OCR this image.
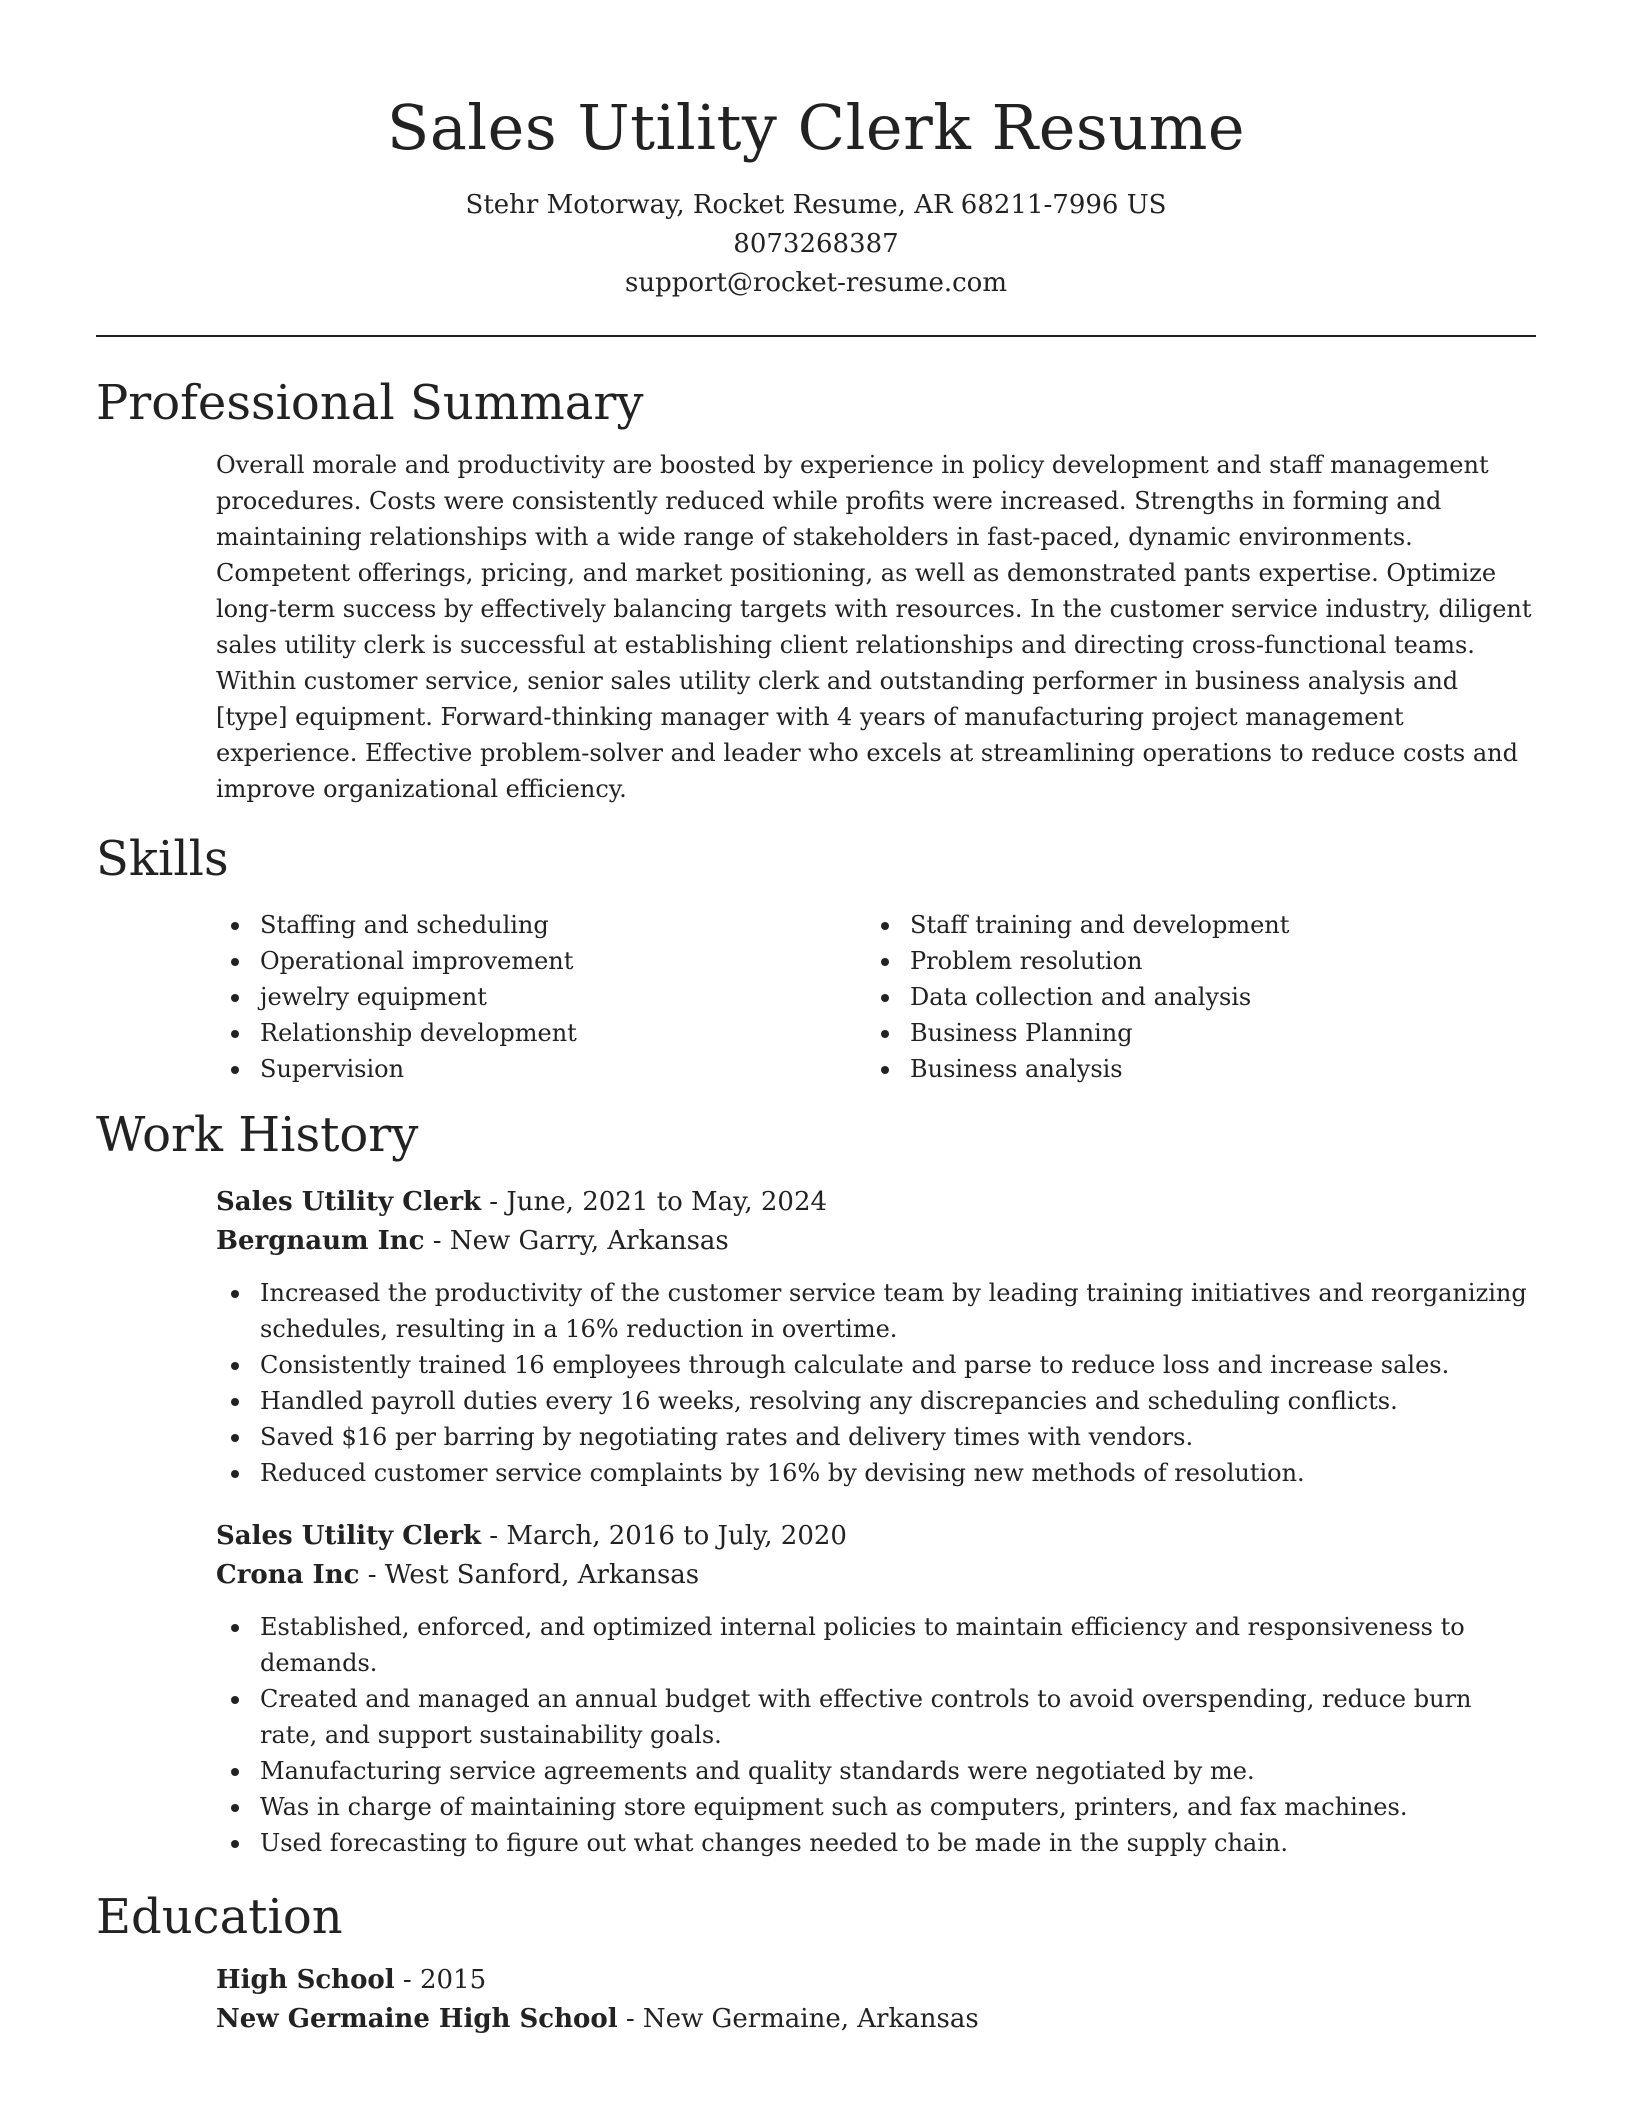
Sales Utility Clerk Resume

Stehr Motorway, Rocket Resume, AR 68211-7996 US

8073268387

support@rocket-resume.com

Professional Summary
Overall morale and productivity are boosted by experience in policy development and staff management procedures. Costs were consistently reduced while profits were increased. Strengths in forming and maintaining relationships with a wide range of stakeholders in fast-paced, dynamic environments. Competent offerings, pricing, and market positioning, as well as demonstrated pants expertise. Optimize long-term success by effectively balancing targets with resources. In the customer service industry, diligent sales utility clerk is successful at establishing client relationships and directing cross-functional teams. Within customer service, senior sales utility clerk and outstanding performer in business analysis and [type] equipment. Forward-thinking manager with 4 years of manufacturing project management experience. Effective problem-solver and leader who excels at streamlining operations to reduce costs and improve organizational efficiency.
Skills
Staffing and scheduling
Operational improvement
jewelry equipment
Relationship development
Supervision
Staff training and development
Problem resolution
Data collection and analysis
Business Planning
Business analysis
Work History
Sales Utility Clerk - June, 2021 to May, 2024
Bergnaum Inc - New Garry, Arkansas
Increased the productivity of the customer service team by leading training initiatives and reorganizing schedules, resulting in a 16% reduction in overtime.
Consistently trained 16 employees through calculate and parse to reduce loss and increase sales.
Handled payroll duties every 16 weeks, resolving any discrepancies and scheduling conflicts.
Saved $16 per barring by negotiating rates and delivery times with vendors.
Reduced customer service complaints by 16% by devising new methods of resolution.
Sales Utility Clerk - March, 2016 to July, 2020
Crona Inc - West Sanford, Arkansas
Established, enforced, and optimized internal policies to maintain efficiency and responsiveness to demands.
Created and managed an annual budget with effective controls to avoid overspending, reduce burn rate, and support sustainability goals.
Manufacturing service agreements and quality standards were negotiated by me.
Was in charge of maintaining store equipment such as computers, printers, and fax machines.
Used forecasting to figure out what changes needed to be made in the supply chain.
Education
High School - 2015
New Germaine High School - New Germaine, Arkansas
